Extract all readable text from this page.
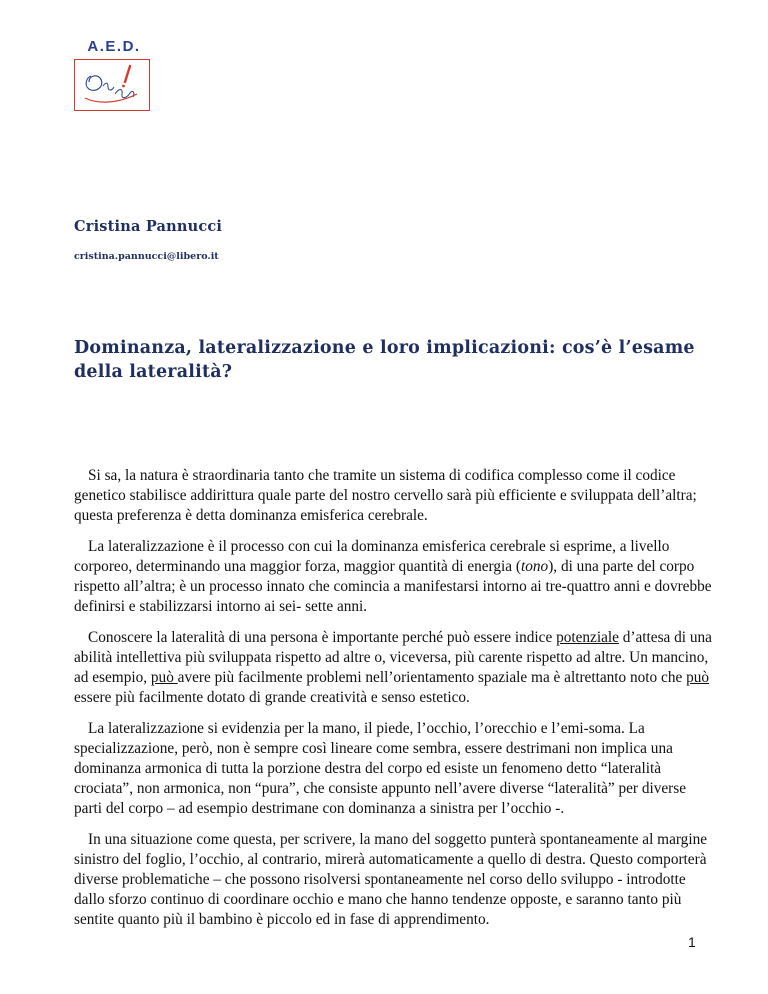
A.E.D.
Cristina Pannucci
cristina.pannucci@libero.it
Dominanza, lateralizzazione e loro implicazioni: cos’è l’esame della lateralità?

Si sa, la natura è straordinaria tanto che tramite un sistema di codifica complesso come il codice genetico stabilisce addirittura quale parte del nostro cervello sarà più efficiente e sviluppata dell’altra; questa preferenza è detta dominanza emisferica cerebrale.

La lateralizzazione è il processo con cui la dominanza emisferica cerebrale si esprime, a livello corporeo, determinando una maggior forza, maggior quantità di energia (tono), di una parte del corpo rispetto all’altra; è un processo innato che comincia a manifestarsi intorno ai tre-quattro anni e dovrebbe definirsi e stabilizzarsi intorno ai sei- sette anni.

Conoscere la lateralità di una persona è importante perché può essere indice potenziale d’attesa di una abilità intellettiva più sviluppata rispetto ad altre o, viceversa, più carente rispetto ad altre. Un mancino, ad esempio, può avere più facilmente problemi nell’orientamento spaziale ma è altrettanto noto che può essere più facilmente dotato di grande creatività e senso estetico.

La lateralizzazione si evidenzia per la mano, il piede, l’occhio, l’orecchio e l’emi-soma. La specializzazione, però, non è sempre così lineare come sembra, essere destrimani non implica una dominanza armonica di tutta la porzione destra del corpo ed esiste un fenomeno detto “lateralità crociata”, non armonica, non “pura”, che consiste appunto nell’avere diverse “lateralità” per diverse parti del corpo – ad esempio destrimane con dominanza a sinistra per l’occhio -.

In una situazione come questa, per scrivere, la mano del soggetto punterà spontaneamente al margine sinistro del foglio, l’occhio, al contrario, mirerà automaticamente a quello di destra. Questo comporterà diverse problematiche – che possono risolversi spontaneamente nel corso dello sviluppo - introdotte dallo sforzo continuo di coordinare occhio e mano che hanno tendenze opposte, e saranno tanto più sentite quanto più il bambino è piccolo ed in fase di apprendimento.

1
